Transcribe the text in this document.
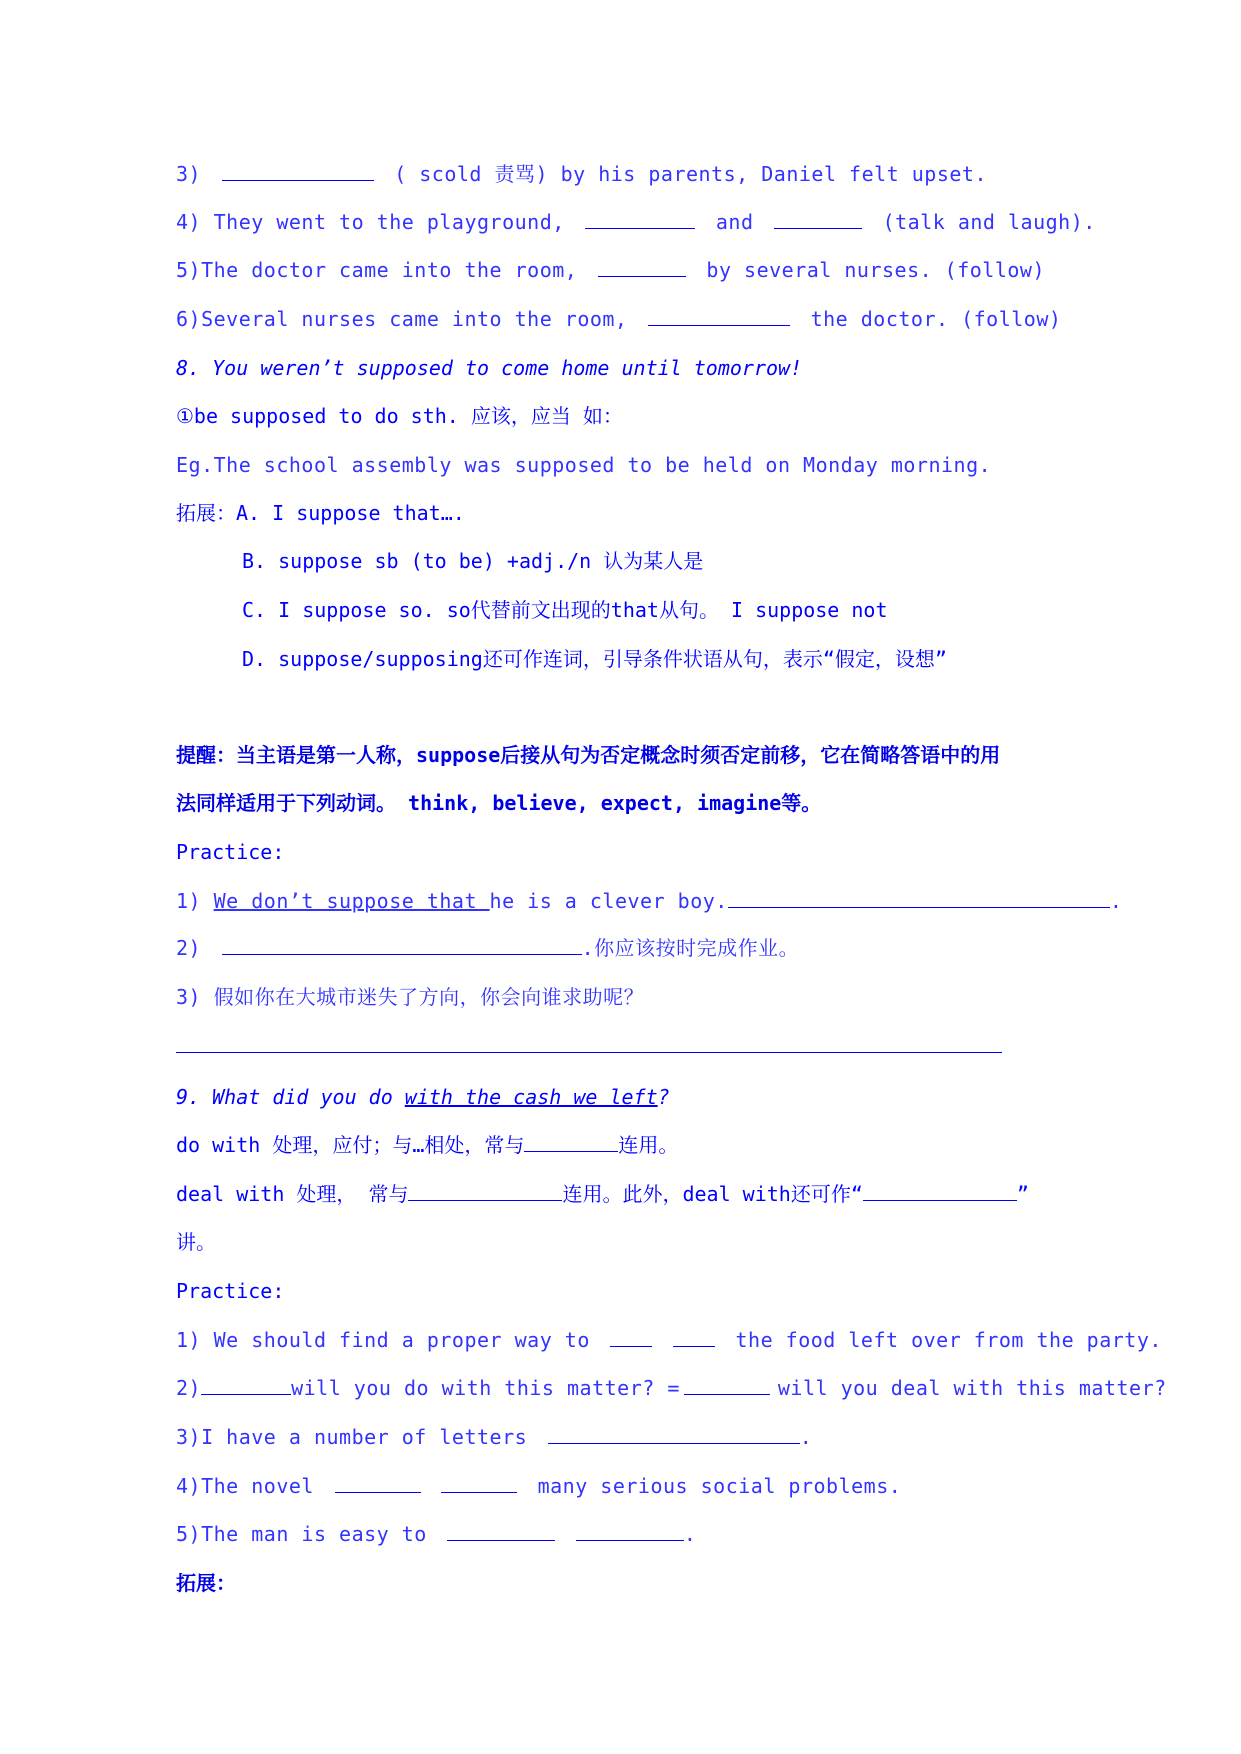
3)	( scold 责骂) by his parents, Daniel felt upset.
4) They went to the playground,	and	(talk and laugh).
5)The doctor came into the room,	by several nurses. (follow)
6)Several nurses came into the room,	the doctor. (follow)
8. You weren’t supposed to come home until tomorrow!
①be supposed to do sth. 应该，应当 如：
Eg.The school assembly was supposed to be held on Monday morning.
拓展：A. I suppose that….
B. suppose sb (to be) +adj./n 认为某人是
C. I suppose so. so代替前文出现的that从句。 I suppose not
D. suppose/supposing还可作连词，引导条件状语从句，表示“假定，设想”
提醒：当主语是第一人称，suppose后接从句为否定概念时须否定前移，它在简略答语中的用
法同样适用于下列动词。 think, believe, expect, imagine等。
Practice:
1) We don’t suppose that he is a clever boy.	.
2)	.你应该按时完成作业。
3) 假如你在大城市迷失了方向，你会向谁求助呢？
9. What did you do with the cash we left?
do with 处理，应付；与…相处，常与	连用。
deal with 处理， 常与	连用。此外，deal with还可作“	”
讲。
Practice:
1) We should find a proper way to	the food left over from the party.
2)	will you do with this matter? =	will you deal with this matter?
3)I have a number of letters	.
4)The novel	many serious social problems.
5)The man is easy to	.
拓展：
